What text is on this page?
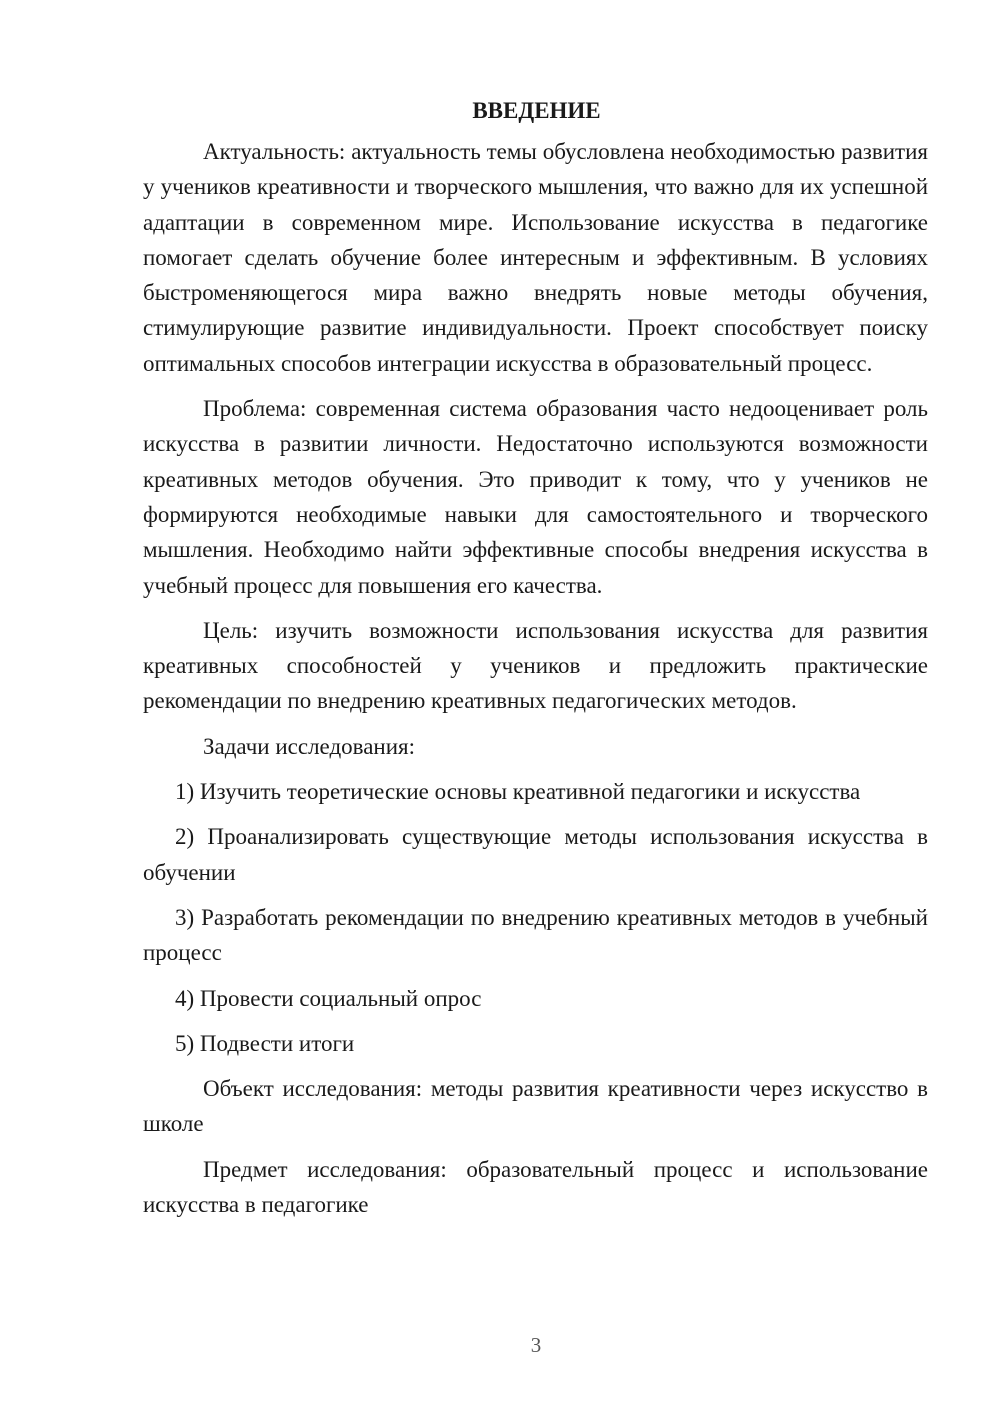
ВВЕДЕНИЕ

Актуальность: актуальность темы обусловлена необходимостью развития у учеников креативности и творческого мышления, что важно для их успешной адаптации в современном мире. Использование искусства в педагогике помогает сделать обучение более интересным и эффективным. В условиях быстроменяющегося мира важно внедрять новые методы обучения, стимулирующие развитие индивидуальности. Проект способствует поиску оптимальных способов интеграции искусства в образовательный процесс.

Проблема: современная система образования часто недооценивает роль искусства в развитии личности. Недостаточно используются возможности креативных методов обучения. Это приводит к тому, что у учеников не формируются необходимые навыки для самостоятельного и творческого мышления. Необходимо найти эффективные способы внедрения искусства в учебный процесс для повышения его качества.

Цель: изучить возможности использования искусства для развития креативных способностей у учеников и предложить практические рекомендации по внедрению креативных педагогических методов.

Задачи исследования:

1) Изучить теоретические основы креативной педагогики и искусства

2) Проанализировать существующие методы использования искусства в обучении

3) Разработать рекомендации по внедрению креативных методов в учебный процесс

4) Провести социальный опрос

5) Подвести итоги

Объект исследования: методы развития креативности через искусство в школе

Предмет исследования: образовательный процесс и использование искусства в педагогике

3
